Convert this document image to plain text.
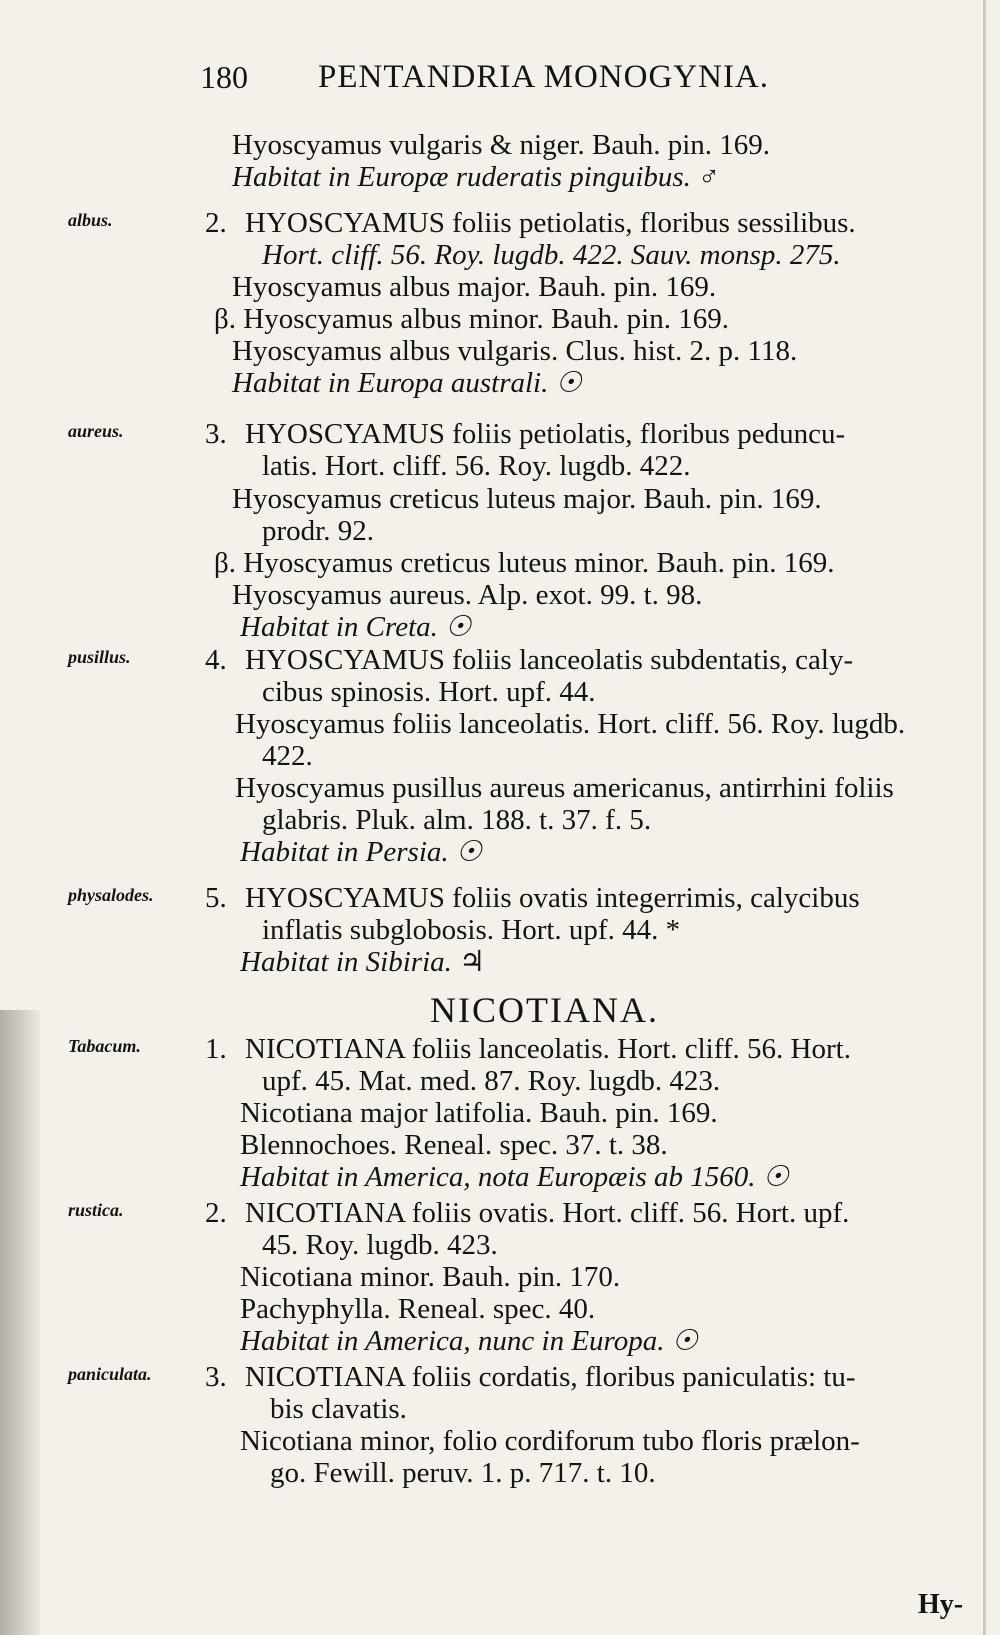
180 PENTANDRIA MONOGYNIA.
albus.
aureus.
pusillus.
physalodes.
Tabacum.
rustica.
paniculata.
2.
3.
4.
5.
1.
2.
3.
NICOTIANA.
Hy-
Hyoscyamus vulgaris & niger. Bauh. pin. 169.
Habitat in Europæ ruderatis pinguibus. ♂
HYOSCYAMUS foliis petiolatis, floribus sessilibus.
Hort. cliff. 56. Roy. lugdb. 422. Sauv. monsp. 275.
Hyoscyamus albus major. Bauh. pin. 169.
β. Hyoscyamus albus minor. Bauh. pin. 169.
Hyoscyamus albus vulgaris. Clus. hist. 2. p. 118.
Habitat in Europa australi. ☉
HYOSCYAMUS foliis petiolatis, floribus peduncu-
latis. Hort. cliff. 56. Roy. lugdb. 422.
Hyoscyamus creticus luteus major. Bauh. pin. 169.
prodr. 92.
β. Hyoscyamus creticus luteus minor. Bauh. pin. 169.
Hyoscyamus aureus. Alp. exot. 99. t. 98.
Habitat in Creta. ☉
HYOSCYAMUS foliis lanceolatis subdentatis, caly-
cibus spinosis. Hort. upf. 44.
Hyoscyamus foliis lanceolatis. Hort. cliff. 56. Roy. lugdb.
422.
Hyoscyamus pusillus aureus americanus, antirrhini foliis
glabris. Pluk. alm. 188. t. 37. f. 5.
Habitat in Persia. ☉
HYOSCYAMUS foliis ovatis integerrimis, calycibus
inflatis subglobosis. Hort. upf. 44. *
Habitat in Sibiria. ♃
NICOTIANA foliis lanceolatis. Hort. cliff. 56. Hort.
upf. 45. Mat. med. 87. Roy. lugdb. 423.
Nicotiana major latifolia. Bauh. pin. 169.
Blennochoes. Reneal. spec. 37. t. 38.
Habitat in America, nota Europæis ab 1560. ☉
NICOTIANA foliis ovatis. Hort. cliff. 56. Hort. upf.
45. Roy. lugdb. 423.
Nicotiana minor. Bauh. pin. 170.
Pachyphylla. Reneal. spec. 40.
Habitat in America, nunc in Europa. ☉
NICOTIANA foliis cordatis, floribus paniculatis: tu-
bis clavatis.
Nicotiana minor, folio cordiforum tubo floris prælon-
go. Fewill. peruv. 1. p. 717. t. 10.
